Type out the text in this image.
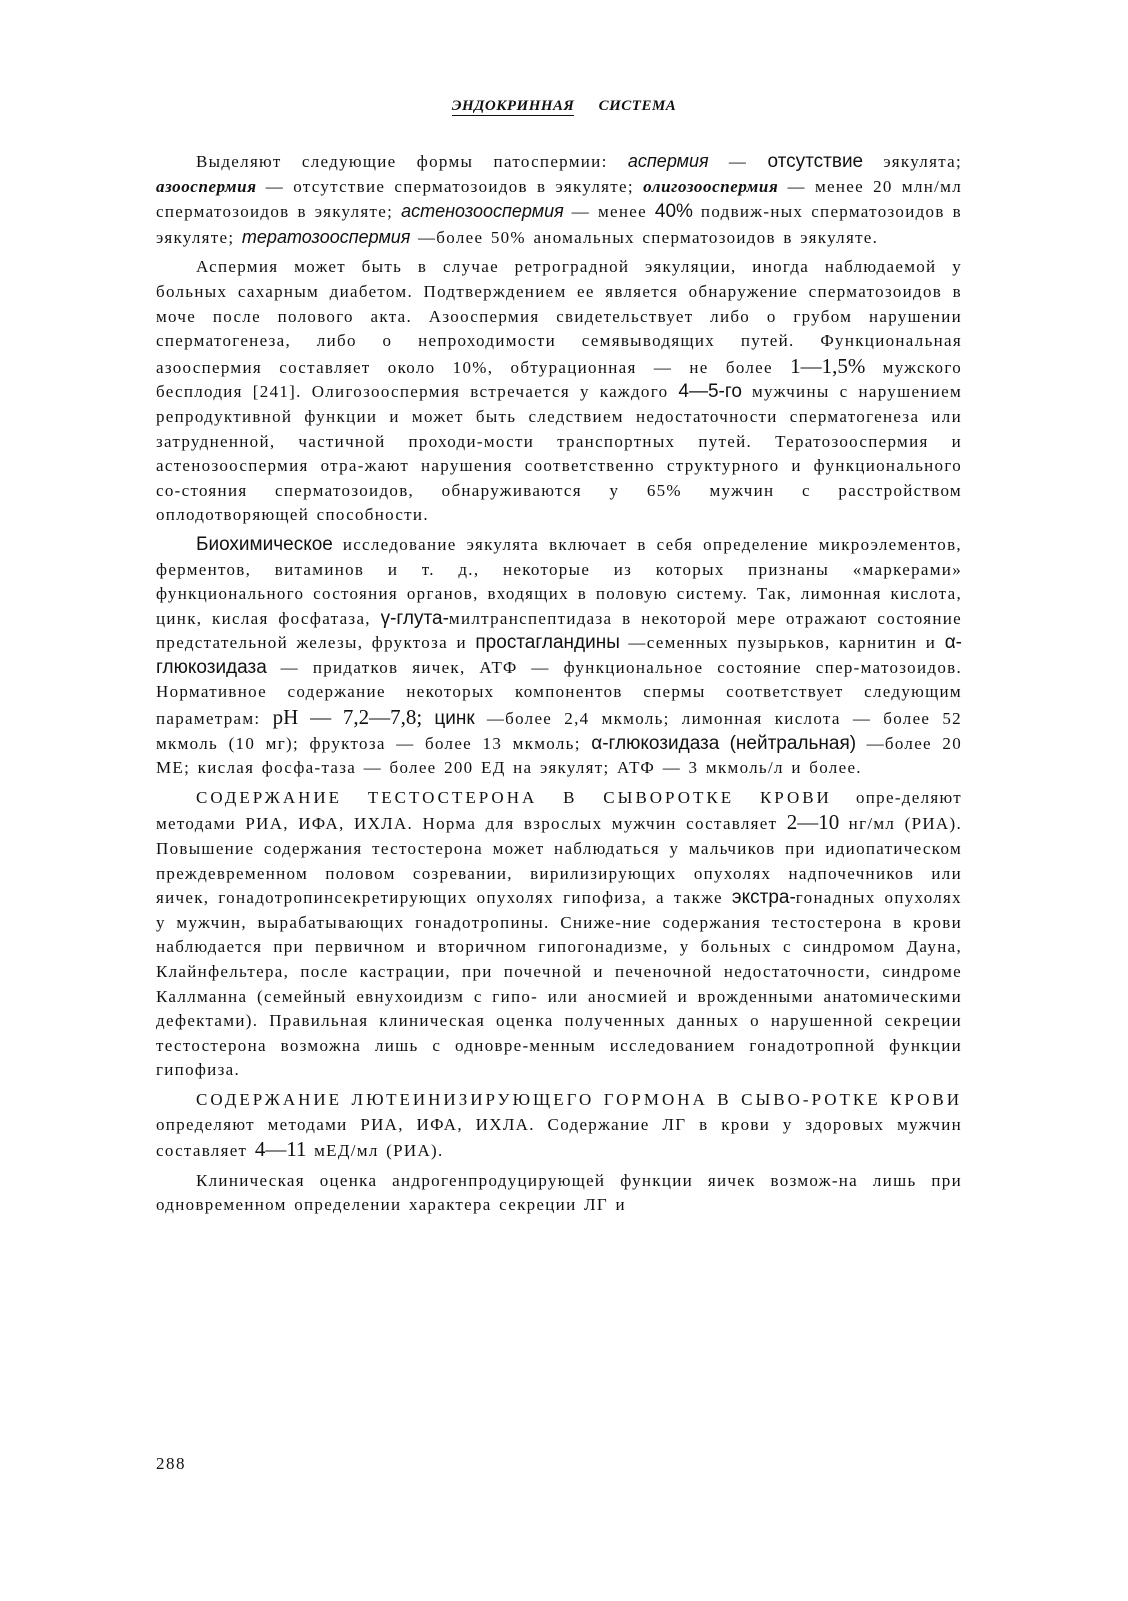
ЭНДОКРИННАЯ СИСТЕМА

Выделяют следующие формы патоспермии: аспермия — отсутствие эякулята; азооспермия — отсутствие сперматозоидов в эякуляте; олигозооспермия — менее 20 млн/мл сперматозоидов в эякуляте; астенозооспермия — менее 40% подвиж-ных сперматозоидов в эякуляте; тератозооспермия —более 50% аномальных сперматозоидов в эякуляте.

Аспермия может быть в случае ретроградной эякуляции, иногда наблюдаемой у больных сахарным диабетом. Подтверждением ее является обнаружение сперматозоидов в моче после полового акта. Азооспермия свидетельствует либо о грубом нарушении сперматогенеза, либо о непроходимости семявыводящих путей. Функциональная азооспермия составляет около 10%, обтурационная — не более 1—1,5% мужского бесплодия [241]. Олигозооспермия встречается у каждого 4—5-го мужчины с нарушением репродуктивной функции и может быть следствием недостаточности сперматогенеза или затрудненной, частичной проходи-мости транспортных путей. Тератозооспермия и астенозооспермия отра-жают нарушения соответственно структурного и функционального со-стояния сперматозоидов, обнаруживаются у 65% мужчин с расстройством оплодотворяющей способности.

Биохимическое исследование эякулята включает в себя определение микроэлементов, ферментов, витаминов и т. д., некоторые из которых признаны «маркерами» функционального состояния органов, входящих в половую систему. Так, лимонная кислота, цинк, кислая фосфатаза, γ-глута-милтранспептидаза в некоторой мере отражают состояние предстательной железы, фруктоза и простагландины —семенных пузырьков, карнитин и α-глюкозидаза — придатков яичек, АТФ — функциональное состояние спер-матозоидов. Нормативное содержание некоторых компонентов спермы соответствует следующим параметрам: pH — 7,2—7,8; цинк —более 2,4 мкмоль; лимонная кислота — более 52 мкмоль (10 мг); фруктоза — более 13 мкмоль; α-глюкозидаза (нейтральная) —более 20 МЕ; кислая фосфа-таза — более 200 ЕД на эякулят; АТФ — 3 мкмоль/л и более.

СОДЕРЖАНИЕ ТЕСТОСТЕРОНА В СЫВОРОТКЕ КРОВИ опре-деляют методами РИА, ИФА, ИХЛА. Норма для взрослых мужчин составляет 2—10 нг/мл (РИА). Повышение содержания тестостерона может наблюдаться у мальчиков при идиопатическом преждевременном половом созревании, вирилизирующих опухолях надпочечников или яичек, гонадотропинсекретирующих опухолях гипофиза, а также экстра-гонадных опухолях у мужчин, вырабатывающих гонадотропины. Сниже-ние содержания тестостерона в крови наблюдается при первичном и вторичном гипогонадизме, у больных с синдромом Дауна, Клайнфельтера, после кастрации, при почечной и печеночной недостаточности, синдроме Каллманна (семейный евнухоидизм с гипо- или аносмией и врожденными анатомическими дефектами). Правильная клиническая оценка полученных данных о нарушенной секреции тестостерона возможна лишь с одновре-менным исследованием гонадотропной функции гипофиза.

СОДЕРЖАНИЕ ЛЮТЕИНИЗИРУЮЩЕГО ГОРМОНА В СЫВО-РОТКЕ КРОВИ определяют методами РИА, ИФА, ИХЛА. Содержание ЛГ в крови у здоровых мужчин составляет 4—11 мЕД/мл (РИА).

Клиническая оценка андрогенпродуцирующей функции яичек возмож-на лишь при одновременном определении характера секреции ЛГ и

288
